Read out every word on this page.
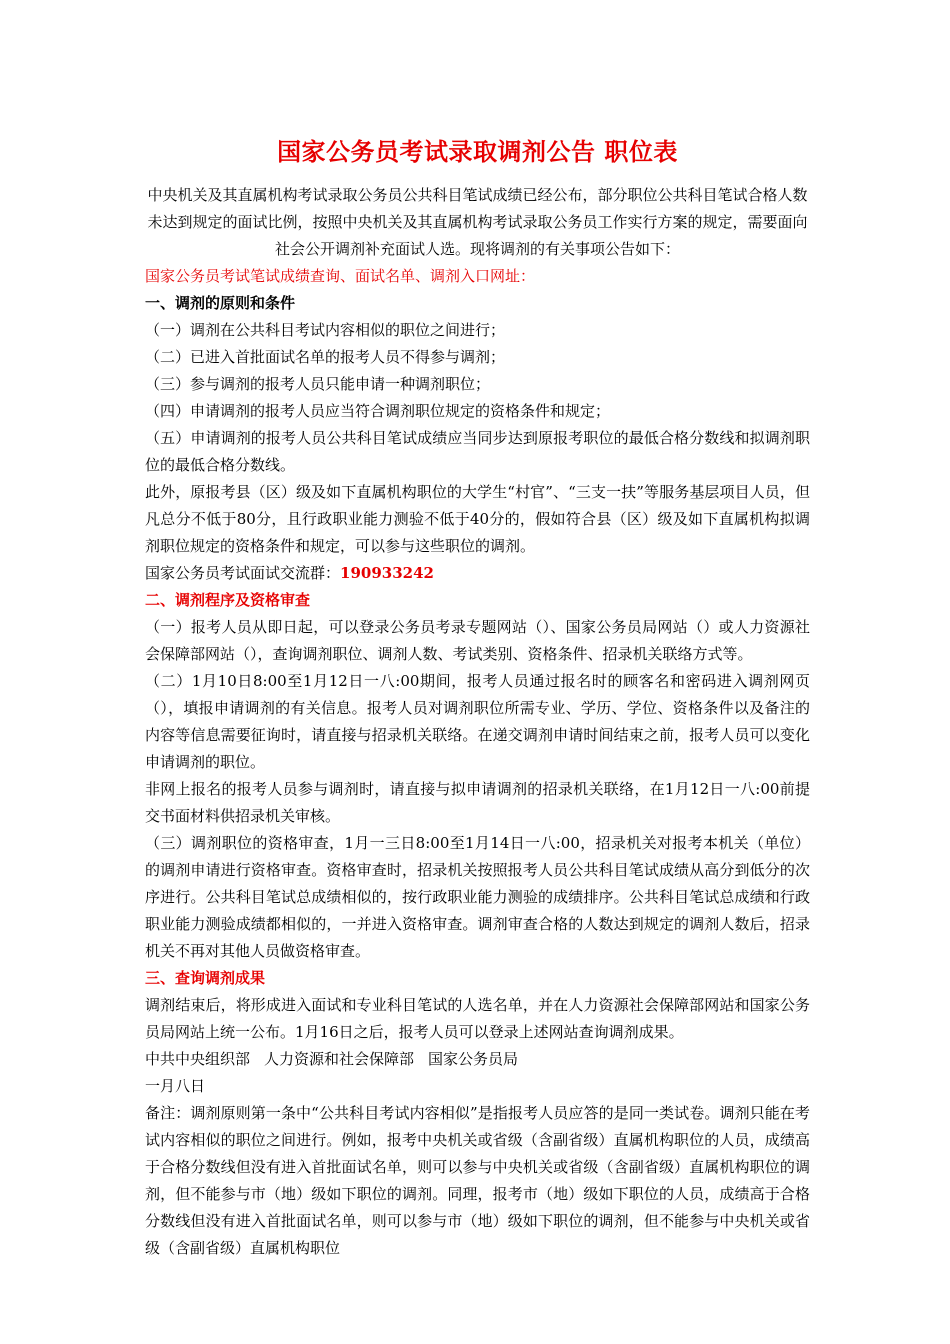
国家公务员考试录取调剂公告 职位表

中央机关及其直属机构考试录取公务员公共科目笔试成绩已经公布，部分职位公共科目笔试合格人数未达到规定的面试比例，按照中央机关及其直属机构考试录取公务员工作实行方案的规定，需要面向社会公开调剂补充面试人选。现将调剂的有关事项公告如下：

国家公务员考试笔试成绩查询、面试名单、调剂入口网址：

一、调剂的原则和条件

（一）调剂在公共科目考试内容相似的职位之间进行；

（二）已进入首批面试名单的报考人员不得参与调剂；

（三）参与调剂的报考人员只能申请一种调剂职位；

（四）申请调剂的报考人员应当符合调剂职位规定的资格条件和规定；

（五）申请调剂的报考人员公共科目笔试成绩应当同步达到原报考职位的最低合格分数线和拟调剂职位的最低合格分数线。

此外，原报考县（区）级及如下直属机构职位的大学生“村官”、“三支一扶”等服务基层项目人员，但凡总分不低于80分，且行政职业能力测验不低于40分的，假如符合县（区）级及如下直属机构拟调剂职位规定的资格条件和规定，可以参与这些职位的调剂。

国家公务员考试面试交流群：190933242

二、调剂程序及资格审查

（一）报考人员从即日起，可以登录公务员考录专题网站（）、国家公务员局网站（）或人力资源社会保障部网站（），查询调剂职位、调剂人数、考试类别、资格条件、招录机关联络方式等。

（二）1月10日8:00至1月12日一八:00期间，报考人员通过报名时的顾客名和密码进入调剂网页（），填报申请调剂的有关信息。报考人员对调剂职位所需专业、学历、学位、资格条件以及备注的内容等信息需要征询时，请直接与招录机关联络。在递交调剂申请时间结束之前，报考人员可以变化申请调剂的职位。

非网上报名的报考人员参与调剂时，请直接与拟申请调剂的招录机关联络，在1月12日一八:00前提交书面材料供招录机关审核。

（三）调剂职位的资格审查，1月一三日8:00至1月14日一八:00，招录机关对报考本机关（单位）的调剂申请进行资格审查。资格审查时，招录机关按照报考人员公共科目笔试成绩从高分到低分的次序进行。公共科目笔试总成绩相似的，按行政职业能力测验的成绩排序。公共科目笔试总成绩和行政职业能力测验成绩都相似的，一并进入资格审查。调剂审查合格的人数达到规定的调剂人数后，招录机关不再对其他人员做资格审查。

三、查询调剂成果

调剂结束后，将形成进入面试和专业科目笔试的人选名单，并在人力资源社会保障部网站和国家公务员局网站上统一公布。1月16日之后，报考人员可以登录上述网站查询调剂成果。

中共中央组织部 人力资源和社会保障部 国家公务员局

一月八日

备注：调剂原则第一条中“公共科目考试内容相似”是指报考人员应答的是同一类试卷。调剂只能在考试内容相似的职位之间进行。例如，报考中央机关或省级（含副省级）直属机构职位的人员，成绩高于合格分数线但没有进入首批面试名单，则可以参与中央机关或省级（含副省级）直属机构职位的调剂，但不能参与市（地）级如下职位的调剂。同理，报考市（地）级如下职位的人员，成绩高于合格分数线但没有进入首批面试名单，则可以参与市（地）级如下职位的调剂，但不能参与中央机关或省级（含副省级）直属机构职位
